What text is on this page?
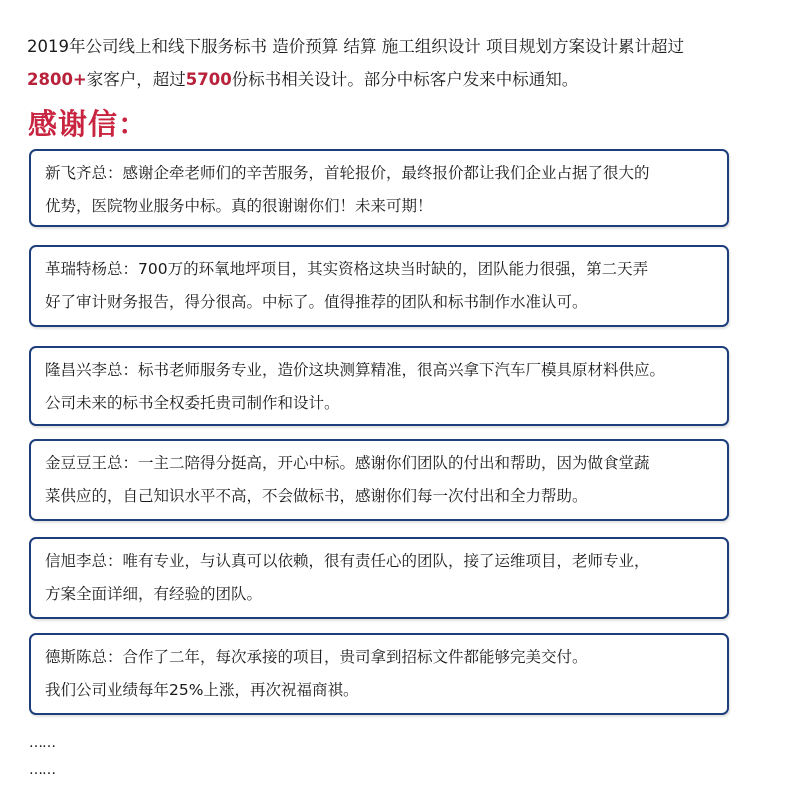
2019年公司线上和线下服务标书 造价预算 结算 施工组织设计 项目规划方案设计累计超过
2800+家客户，超过5700份标书相关设计。部分中标客户发来中标通知。
感谢信：

新飞齐总：感谢企牵老师们的辛苦服务，首轮报价，最终报价都让我们企业占据了很大的

优势，医院物业服务中标。真的很谢谢你们！未来可期！

革瑞特杨总：700万的环氧地坪项目，其实资格这块当时缺的，团队能力很强，第二天弄

好了审计财务报告，得分很高。中标了。值得推荐的团队和标书制作水准认可。

隆昌兴李总：标书老师服务专业，造价这块测算精准，很高兴拿下汽车厂模具原材料供应。

公司未来的标书全权委托贵司制作和设计。

金豆豆王总：一主二陪得分挺高，开心中标。感谢你们团队的付出和帮助，因为做食堂蔬

菜供应的，自己知识水平不高，不会做标书，感谢你们每一次付出和全力帮助。

信旭李总：唯有专业，与认真可以依赖，很有责任心的团队，接了运维项目，老师专业，

方案全面详细，有经验的团队。

德斯陈总：合作了二年，每次承接的项目，贵司拿到招标文件都能够完美交付。

我们公司业绩每年25%上涨，再次祝福商祺。

……
……
